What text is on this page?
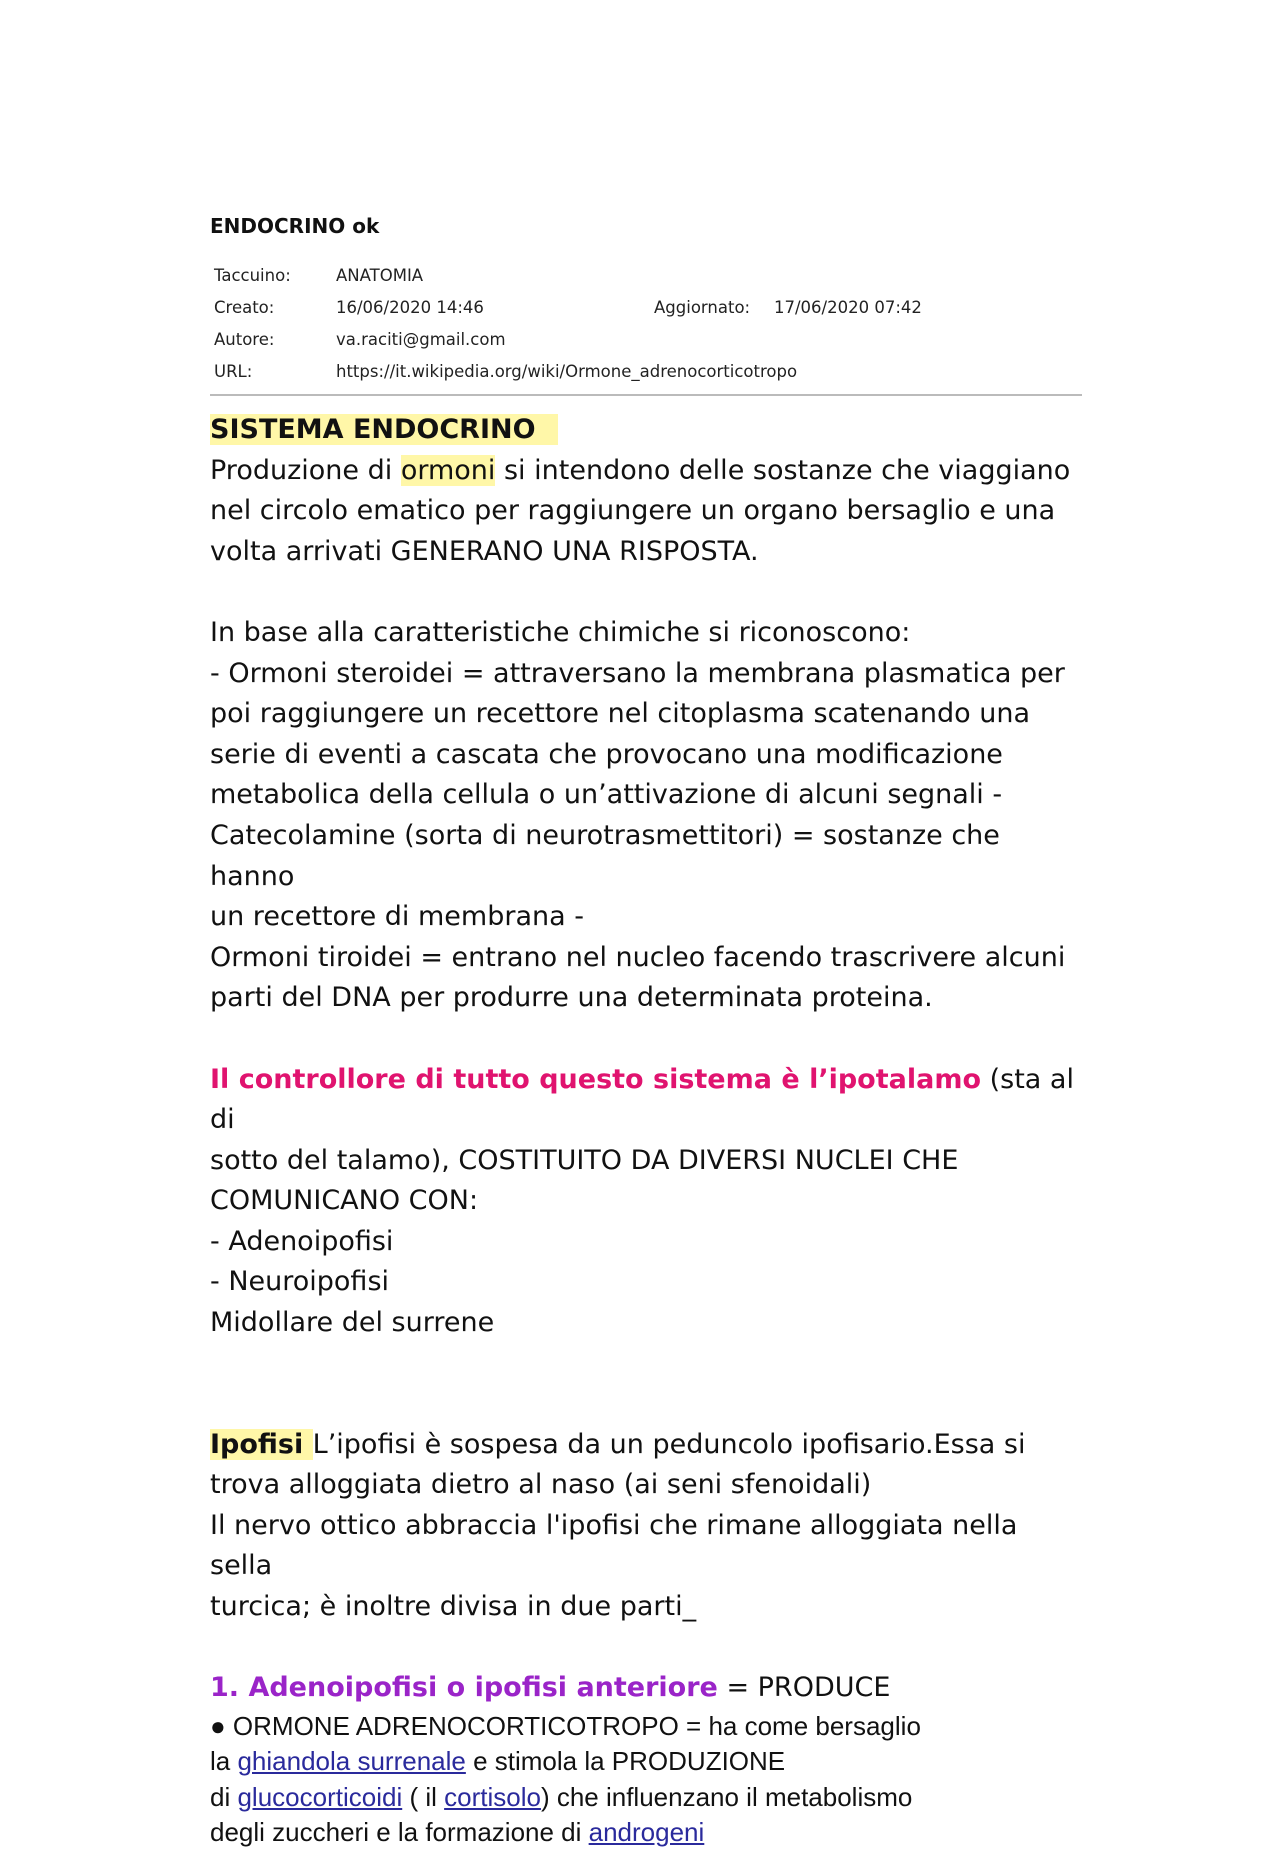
ENDOCRINO ok
Taccuino:	ANATOMIA
Creato:	16/06/2020 14:46	Aggiornato: 17/06/2020 07:42
Autore:	va.raciti@gmail.com
URL:	https://it.wikipedia.org/wiki/Ormone_adrenocorticotropo

SISTEMA ENDOCRINO

Produzione di ormoni si intendono delle sostanze che viaggiano

nel circolo ematico per raggiungere un organo bersaglio e una

volta arrivati GENERANO UNA RISPOSTA.

In base alla caratteristiche chimiche si riconoscono:

- Ormoni steroidei = attraversano la membrana plasmatica per

poi raggiungere un recettore nel citoplasma scatenando una

serie di eventi a cascata che provocano una modificazione

metabolica della cellula o un’attivazione di alcuni segnali -

Catecolamine (sorta di neurotrasmettitori) = sostanze che hanno

un recettore di membrana -

Ormoni tiroidei = entrano nel nucleo facendo trascrivere alcuni

parti del DNA per produrre una determinata proteina.

Il controllore di tutto questo sistema è l’ipotalamo (sta al di

sotto del talamo), COSTITUITO DA DIVERSI NUCLEI CHE

COMUNICANO CON:

- Adenoipofisi

- Neuroipofisi

Midollare del surrene

Ipofisi L’ipofisi è sospesa da un peduncolo ipofisario.Essa si

trova alloggiata dietro al naso (ai seni sfenoidali)

Il nervo ottico abbraccia l'ipofisi che rimane alloggiata nella sella

turcica; è inoltre divisa in due parti_

1. Adenoipofisi o ipofisi anteriore = PRODUCE

● ORMONE ADRENOCORTICOTROPO = ha come bersaglio

la ghiandola surrenale e stimola la PRODUZIONE

di glucocorticoidi ( il cortisolo) che influenzano il metabolismo

degli zuccheri e la formazione di androgeni
